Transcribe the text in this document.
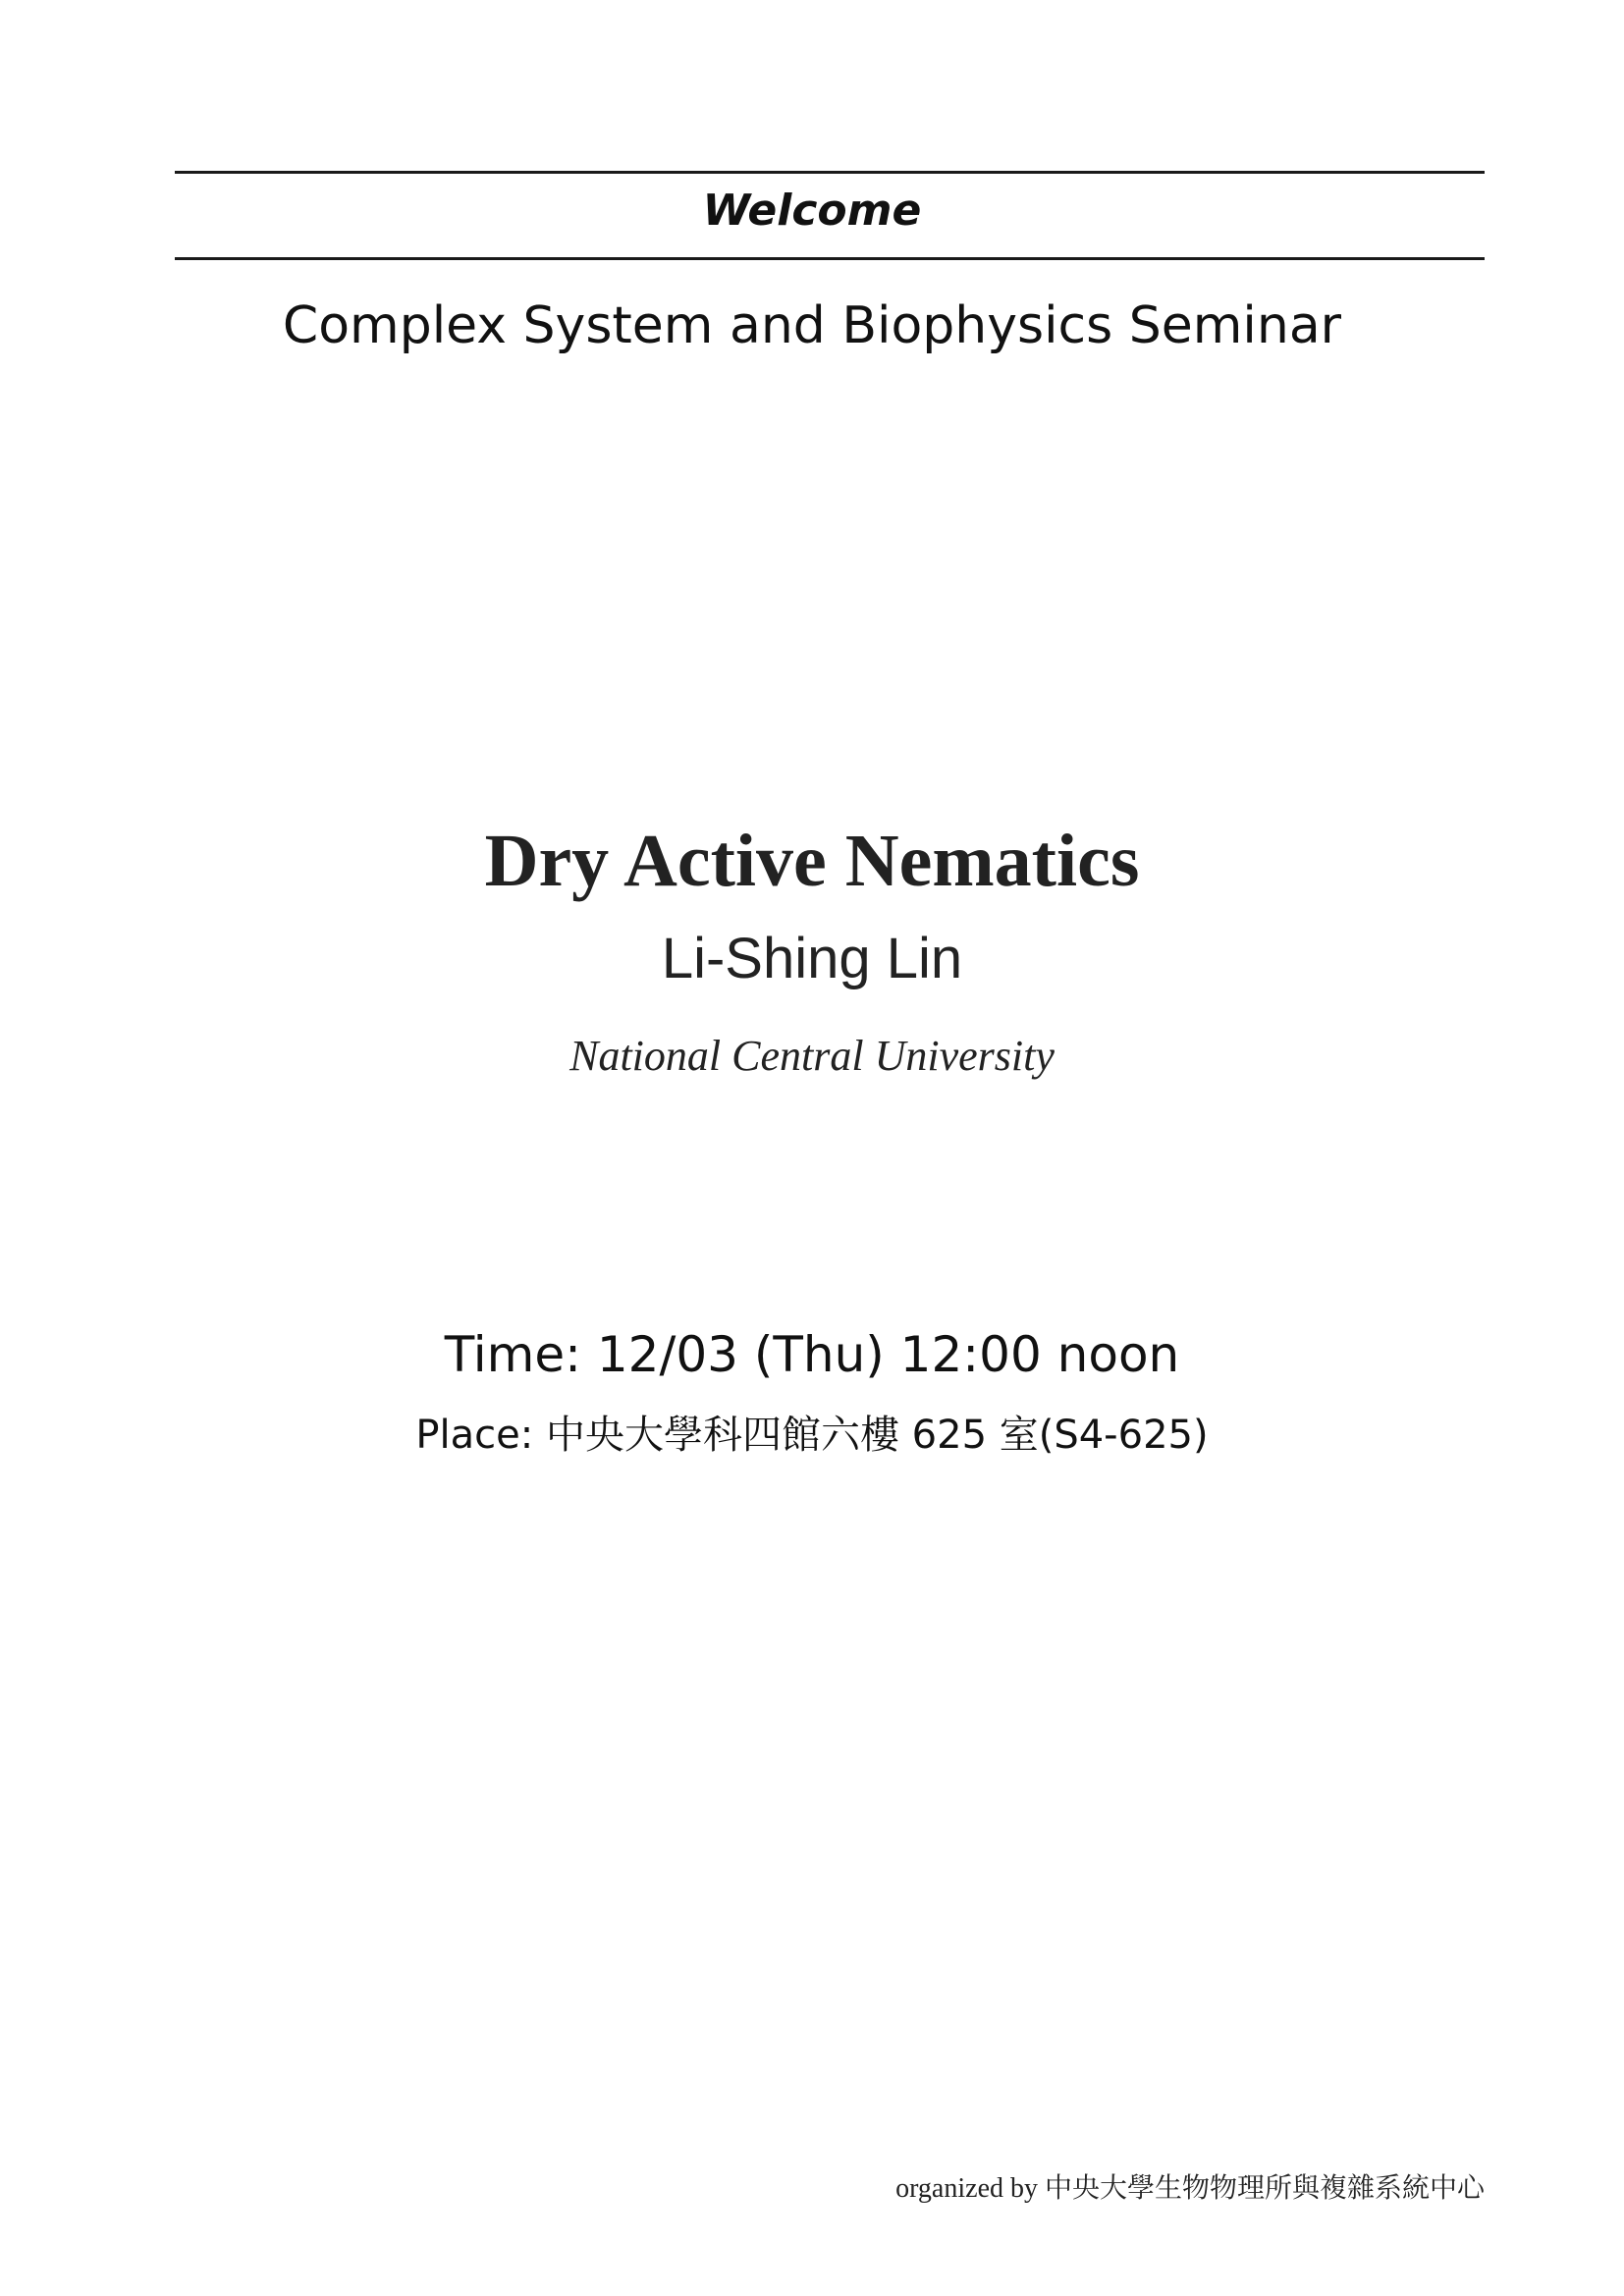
Welcome
Complex System and Biophysics Seminar
Dry Active Nematics
Li-Shing Lin
National Central University
Time: 12/03 (Thu) 12:00 noon
Place: 中央大學科四館六樓 625 室(S4-625)
organized by 中央大學生物物理所與複雜系統中心
